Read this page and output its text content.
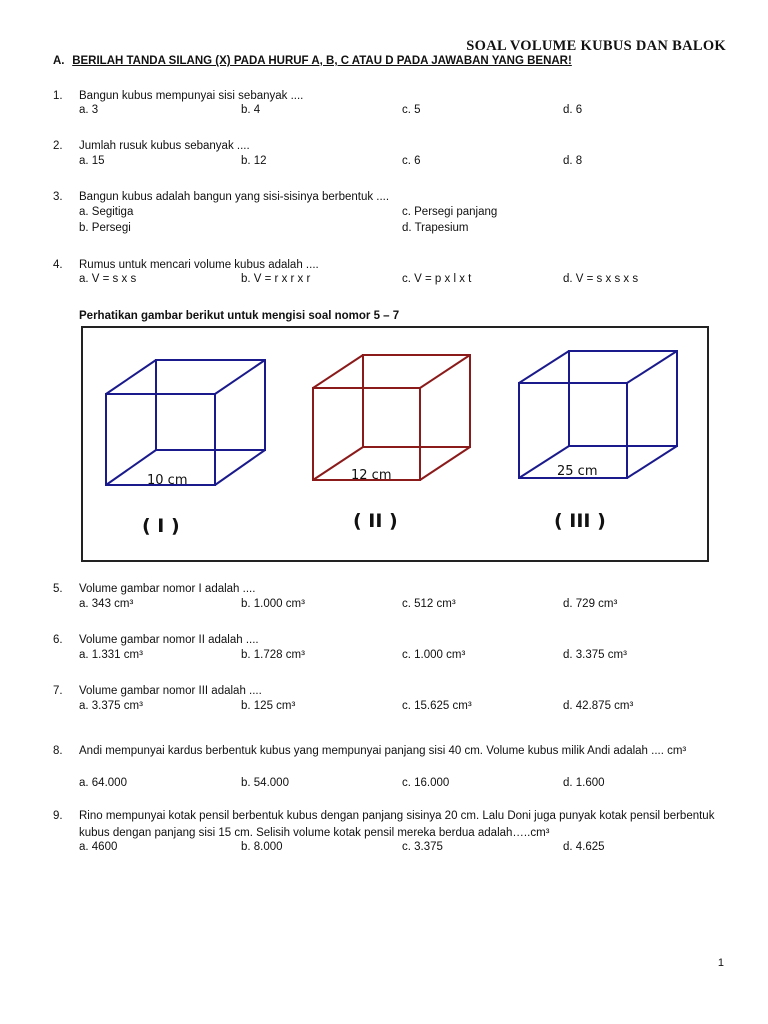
SOAL VOLUME KUBUS DAN BALOK
A. BERILAH TANDA SILANG (X) PADA HURUF A, B, C ATAU D PADA JAWABAN YANG BENAR!
1.	Bangun kubus mempunyai sisi sebanyak ....
a. 3	b. 4	c. 5	d. 6
2.	Jumlah rusuk kubus sebanyak ....
a. 15	b. 12	c. 6	d. 8
3.	Bangun kubus adalah bangun yang sisi-sisinya berbentuk ....
a. Segitiga	c. Persegi panjang
b. Persegi	d. Trapesium
4.	Rumus untuk mencari volume kubus adalah ....
a. V = s x s	b. V = r x r x r	c. V = p x l x t	d. V = s x s x s
Perhatikan gambar berikut untuk mengisi soal nomor 5 – 7
10 cm	12 cm	25 cm
( I )	( II )	( III )
5.	Volume gambar nomor I adalah ....
a. 343 cm³	b. 1.000 cm³	c. 512 cm³	d. 729 cm³
6.	Volume gambar nomor II adalah ....
a. 1.331 cm³	b. 1.728 cm³	c. 1.000 cm³	d. 3.375 cm³
7.	Volume gambar nomor III adalah ....
a. 3.375 cm³	b. 125 cm³	c. 15.625 cm³	d. 42.875 cm³
8.	Andi mempunyai kardus berbentuk kubus yang mempunyai panjang sisi 40 cm. Volume kubus milik Andi adalah .... cm³
a. 64.000	b. 54.000	c. 16.000	d. 1.600
9.	Rino mempunyai kotak pensil berbentuk kubus dengan panjang sisinya 20 cm. Lalu Doni juga punyak kotak pensil berbentuk kubus dengan panjang sisi 15 cm. Selisih volume kotak pensil mereka berdua adalah…..cm³
a. 4600	b. 8.000	c. 3.375	d. 4.625
1
